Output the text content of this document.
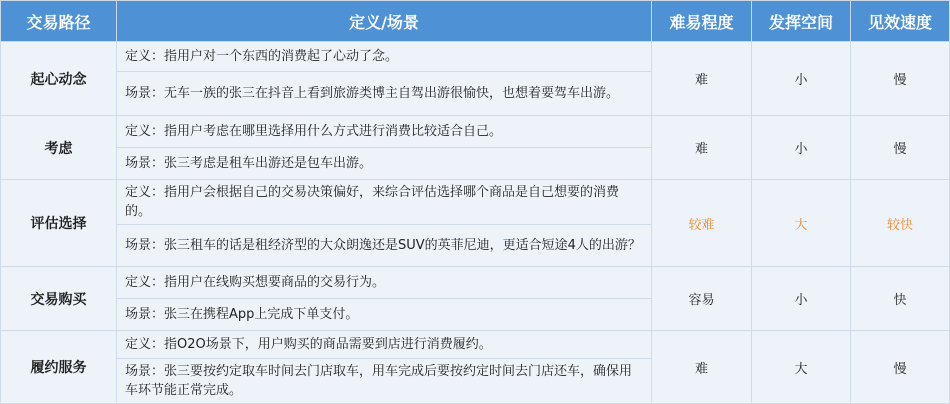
交易路径	定义/场景	难易程度	发挥空间	见效速度
起心动念	定义：指用户对一个东西的消费起了心动了念。	难	小	慢
	场景：无车一族的张三在抖音上看到旅游类博主自驾出游很愉快，也想着要驾车出游。			
考虑	定义：指用户考虑在哪里选择用什么方式进行消费比较适合自己。	难	小	慢
	场景：张三考虑是租车出游还是包车出游。			
评估选择	定义：指用户会根据自己的交易决策偏好，来综合评估选择哪个商品是自己想要的消费的。	较难	大	较快
	场景：张三租车的话是租经济型的大众朗逸还是SUV的英菲尼迪，更适合短途4人的出游？			
交易购买	定义：指用户在线购买想要商品的交易行为。	容易	小	快
	场景：张三在携程App上完成下单支付。			
履约服务	定义：指O2O场景下，用户购买的商品需要到店进行消费履约。	难	大	慢
	场景：张三要按约定取车时间去门店取车，用车完成后要按约定时间去门店还车，确保用车环节能正常完成。			
